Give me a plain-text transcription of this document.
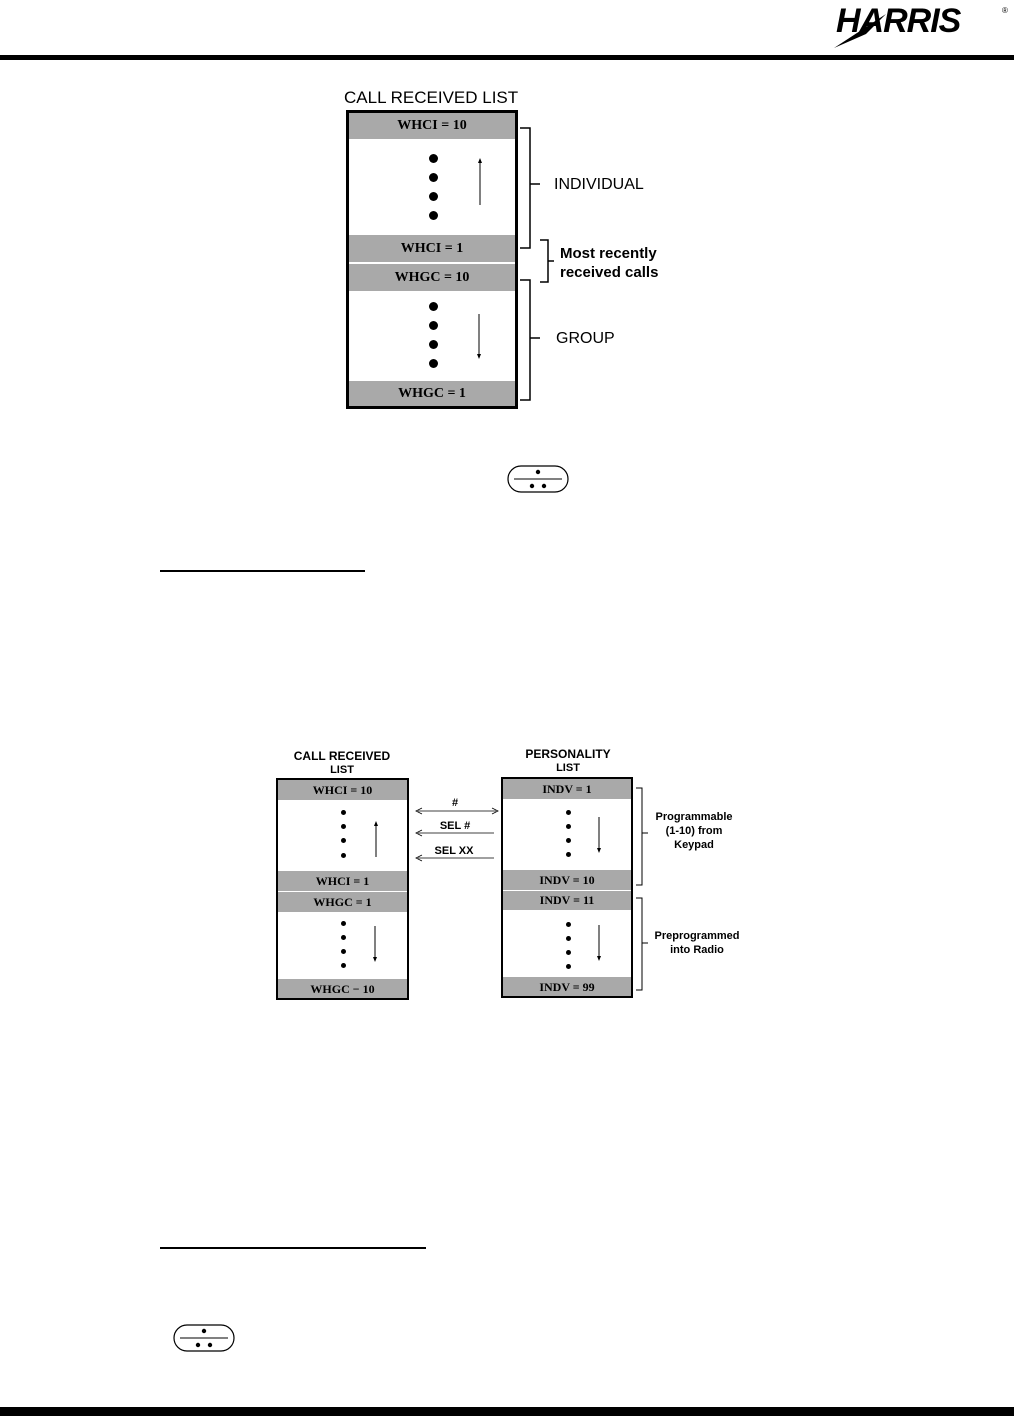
HARRIS	®
CALL RECEIVED LIST
WHCI = 10
WHCI = 1
WHGC = 10
WHGC = 1
INDIVIDUAL
Most recently
received calls
GROUP
CALL RECEIVED
LIST
PERSONALITY
LIST
WHCI = 10
WHCI = 1
WHGC = 1
WHGC − 10
#
SEL #
SEL XX
INDV = 1
INDV = 10
INDV = 11
INDV = 99
Programmable
(1-10) from
Keypad
Preprogrammed
into Radio
